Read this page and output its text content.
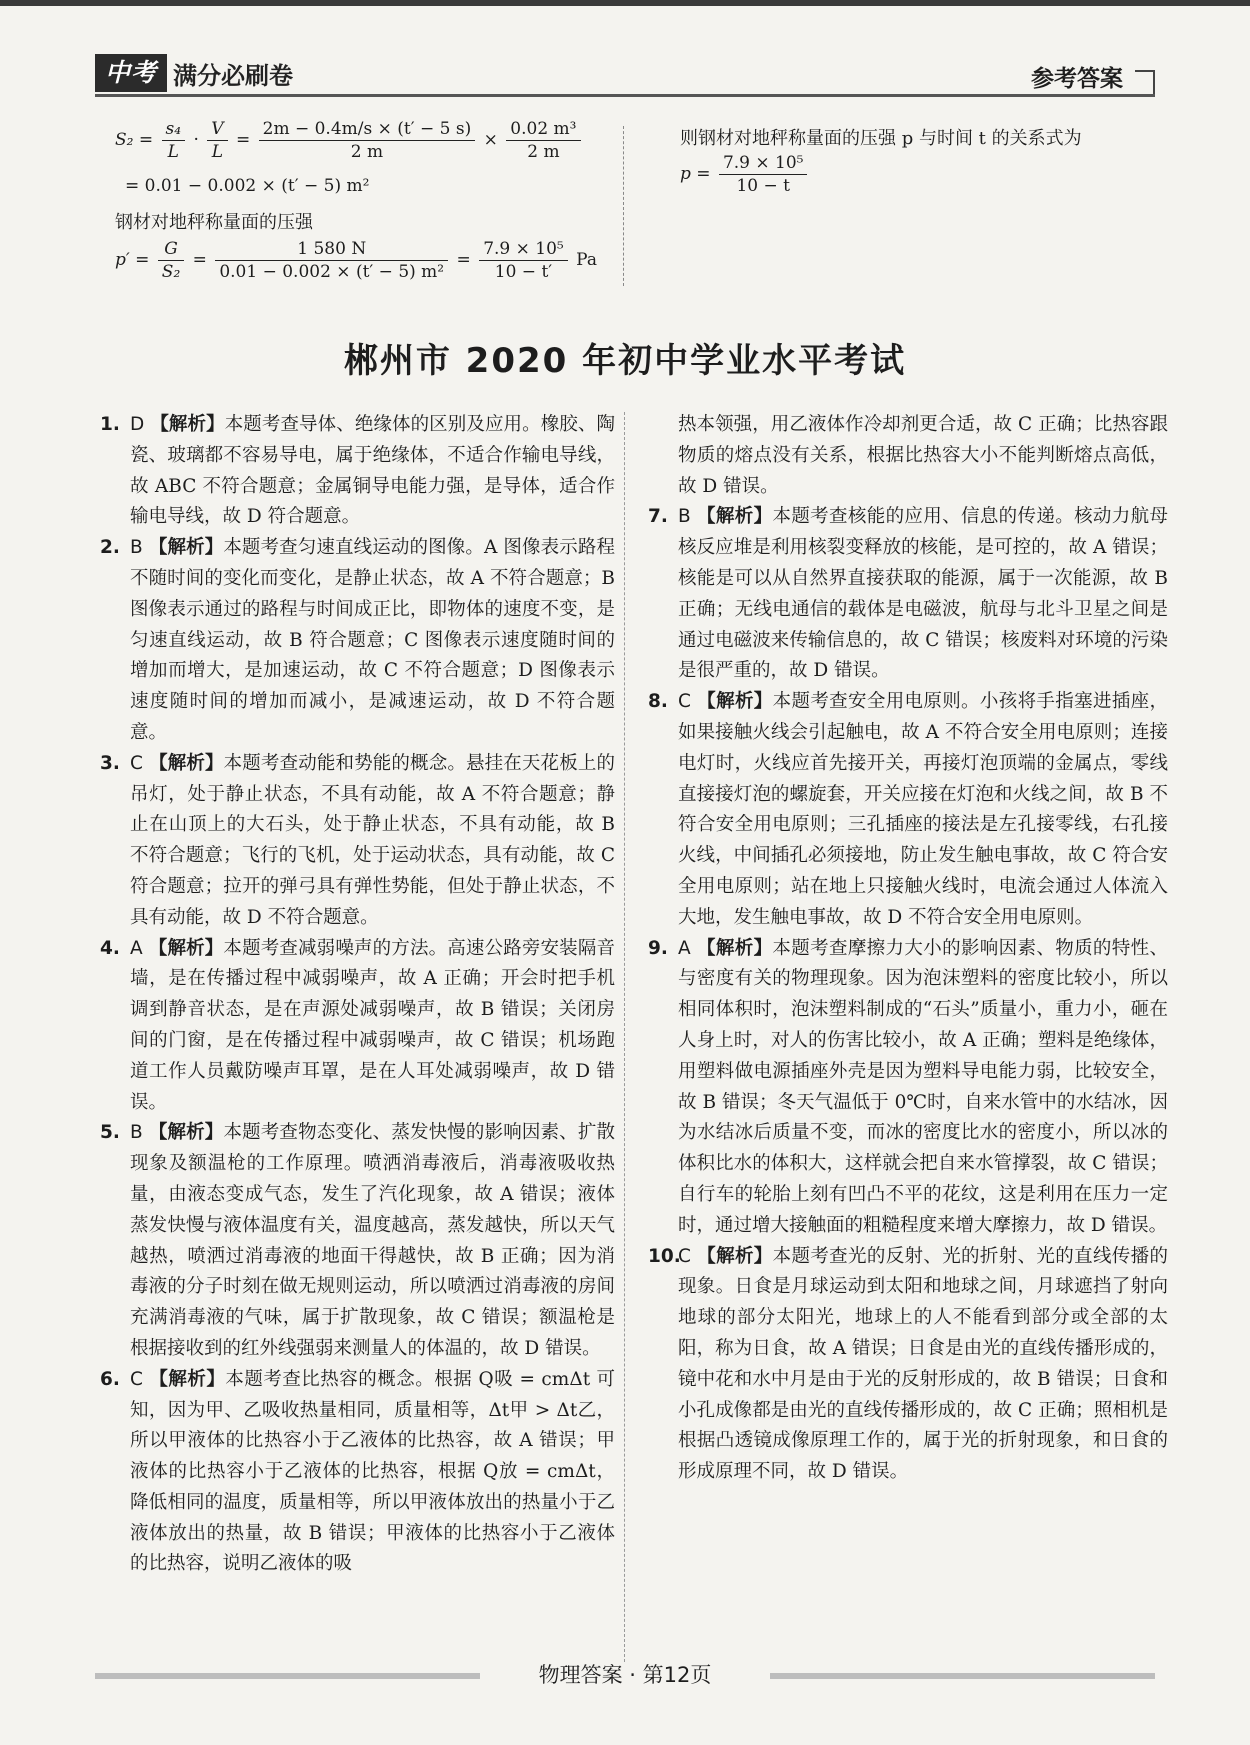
中考 满分必刷卷	参考答案
$S_2 = \frac{\text{s₄}}{L} \cdot \frac{V}{L} = \frac{2m - 0.4m/s \times (t' - 5 s)}{2 m} \times \frac{\text{0.02 m³}}{2 m}$
= 0.01 − 0.002 × (t′ − 5) m²
钢材对地秤称量面的压强
$p' = \frac{G}{\text{S₂}} = \frac{1 580 N}{\text{0.01 − 0.002 × (t′ − 5) m²}} = \frac{\text{7.9 × 10⁵}}{10 - t'}$ Pa
则钢材对地秤称量面的压强 p 与时间 t 的关系式为
$p = \frac{\text{7.9 × 10⁵}}{10 - t}$
郴州市 2020 年初中学业水平考试

1. D 【解析】本题考查导体、绝缘体的区别及应用。橡胶、陶瓷、玻璃都不容易导电，属于绝缘体，不适合作输电导线，故 ABC 不符合题意；金属铜导电能力强，是导体，适合作输电导线，故 D 符合题意。

2. B 【解析】本题考查匀速直线运动的图像。A 图像表示路程不随时间的变化而变化，是静止状态，故 A 不符合题意；B 图像表示通过的路程与时间成正比，即物体的速度不变，是匀速直线运动，故 B 符合题意；C 图像表示速度随时间的增加而增大，是加速运动，故 C 不符合题意；D 图像表示速度随时间的增加而减小，是减速运动，故 D 不符合题意。

3. C 【解析】本题考查动能和势能的概念。悬挂在天花板上的吊灯，处于静止状态，不具有动能，故 A 不符合题意；静止在山顶上的大石头，处于静止状态，不具有动能，故 B 不符合题意；飞行的飞机，处于运动状态，具有动能，故 C 符合题意；拉开的弹弓具有弹性势能，但处于静止状态，不具有动能，故 D 不符合题意。

4. A 【解析】本题考查减弱噪声的方法。高速公路旁安装隔音墙，是在传播过程中减弱噪声，故 A 正确；开会时把手机调到静音状态，是在声源处减弱噪声，故 B 错误；关闭房间的门窗，是在传播过程中减弱噪声，故 C 错误；机场跑道工作人员戴防噪声耳罩，是在人耳处减弱噪声，故 D 错误。

5. B 【解析】本题考查物态变化、蒸发快慢的影响因素、扩散现象及额温枪的工作原理。喷洒消毒液后，消毒液吸收热量，由液态变成气态，发生了汽化现象，故 A 错误；液体蒸发快慢与液体温度有关，温度越高，蒸发越快，所以天气越热，喷洒过消毒液的地面干得越快，故 B 正确；因为消毒液的分子时刻在做无规则运动，所以喷洒过消毒液的房间充满消毒液的气味，属于扩散现象，故 C 错误；额温枪是根据接收到的红外线强弱来测量人的体温的，故 D 错误。

6. C 【解析】本题考查比热容的概念。根据 Q吸 = cmΔt 可知，因为甲、乙吸收热量相同，质量相等，Δt甲 > Δt乙，所以甲液体的比热容小于乙液体的比热容，故 A 错误；甲液体的比热容小于乙液体的比热容，根据 Q放 = cmΔt，降低相同的温度，质量相等，所以甲液体放出的热量小于乙液体放出的热量，故 B 错误；甲液体的比热容小于乙液体的比热容，说明乙液体的吸

热本领强，用乙液体作冷却剂更合适，故 C 正确；比热容跟物质的熔点没有关系，根据比热容大小不能判断熔点高低，故 D 错误。

7. B 【解析】本题考查核能的应用、信息的传递。核动力航母核反应堆是利用核裂变释放的核能，是可控的，故 A 错误；核能是可以从自然界直接获取的能源，属于一次能源，故 B 正确；无线电通信的载体是电磁波，航母与北斗卫星之间是通过电磁波来传输信息的，故 C 错误；核废料对环境的污染是很严重的，故 D 错误。

8. C 【解析】本题考查安全用电原则。小孩将手指塞进插座，如果接触火线会引起触电，故 A 不符合安全用电原则；连接电灯时，火线应首先接开关，再接灯泡顶端的金属点，零线直接接灯泡的螺旋套，开关应接在灯泡和火线之间，故 B 不符合安全用电原则；三孔插座的接法是左孔接零线，右孔接火线，中间插孔必须接地，防止发生触电事故，故 C 符合安全用电原则；站在地上只接触火线时，电流会通过人体流入大地，发生触电事故，故 D 不符合安全用电原则。

9. A 【解析】本题考查摩擦力大小的影响因素、物质的特性、与密度有关的物理现象。因为泡沫塑料的密度比较小，所以相同体积时，泡沫塑料制成的“石头”质量小，重力小，砸在人身上时，对人的伤害比较小，故 A 正确；塑料是绝缘体，用塑料做电源插座外壳是因为塑料导电能力弱，比较安全，故 B 错误；冬天气温低于 0℃时，自来水管中的水结冰，因为水结冰后质量不变，而冰的密度比水的密度小，所以冰的体积比水的体积大，这样就会把自来水管撑裂，故 C 错误；自行车的轮胎上刻有凹凸不平的花纹，这是利用在压力一定时，通过增大接触面的粗糙程度来增大摩擦力，故 D 错误。

10.
C 【解析】本题考查光的反射、光的折射、光的直线传播的现象。日食是月球运动到太阳和地球之间，月球遮挡了射向地球的部分太阳光，地球上的人不能看到部分或全部的太阳，称为日食，故 A 错误；日食是由光的直线传播形成的，镜中花和水中月是由于光的反射形成的，故 B 错误；日食和小孔成像都是由光的直线传播形成的，故 C 正确；照相机是根据凸透镜成像原理工作的，属于光的折射现象，和日食的形成原理不同，故 D 错误。

物理答案 · 第12页
